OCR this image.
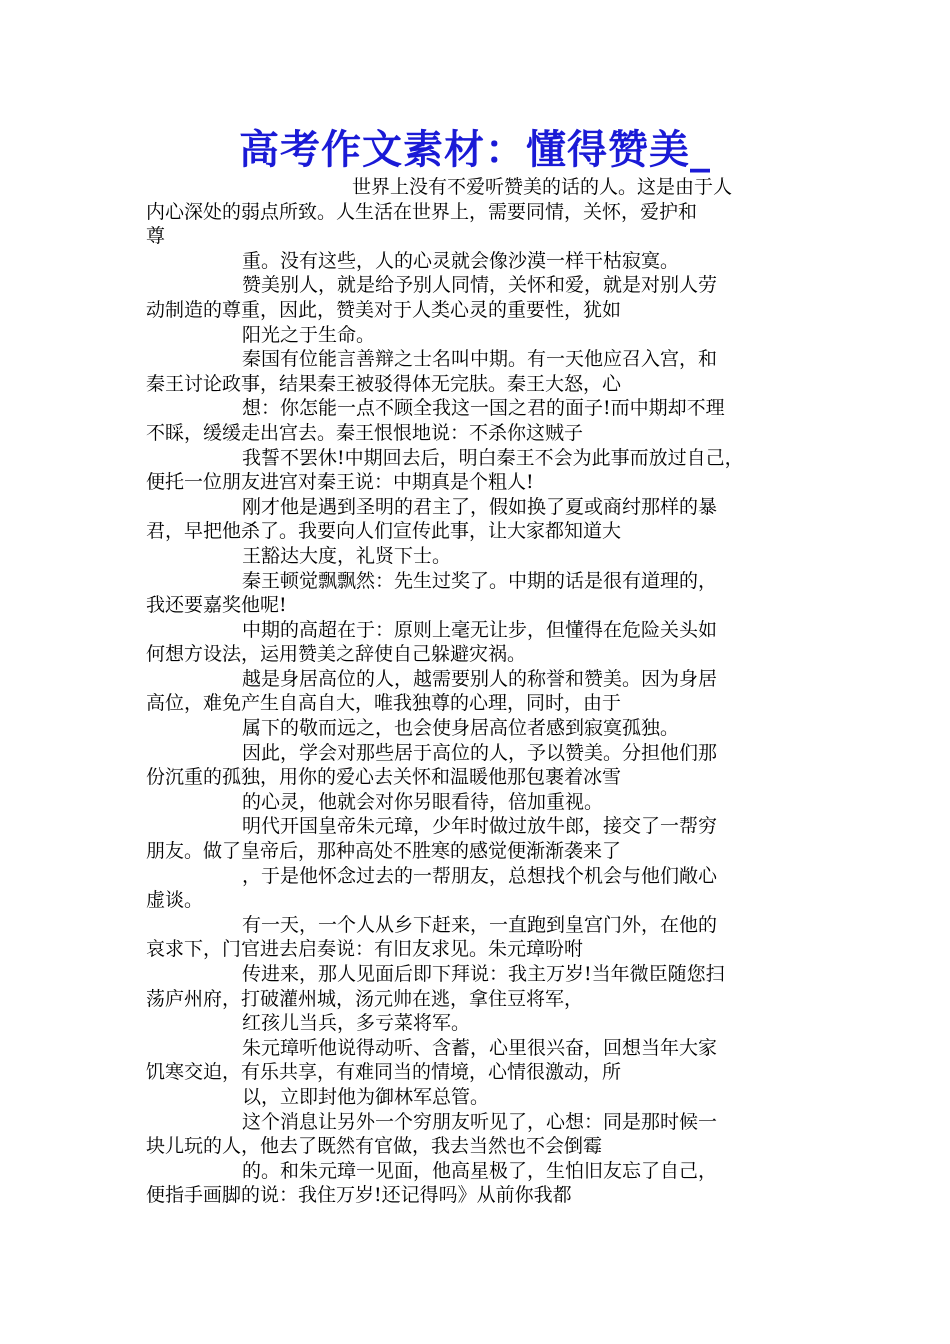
高考作文素材：懂得赞美_
世界上没有不爱听赞美的话的人。这是由于人
内心深处的弱点所致。人生活在世界上，需要同情，关怀，爱护和
尊
重。没有这些，人的心灵就会像沙漠一样干枯寂寞。
赞美别人，就是给予别人同情，关怀和爱，就是对别人劳
动制造的尊重，因此，赞美对于人类心灵的重要性，犹如
阳光之于生命。
秦国有位能言善辩之士名叫中期。有一天他应召入宫，和
秦王讨论政事，结果秦王被驳得体无完肤。秦王大怒，心
想：你怎能一点不顾全我这一国之君的面子!而中期却不理
不睬，缓缓走出宫去。秦王恨恨地说：不杀你这贼子
我誓不罢休!中期回去后，明白秦王不会为此事而放过自己，
便托一位朋友进宫对秦王说：中期真是个粗人!
刚才他是遇到圣明的君主了，假如换了夏或商纣那样的暴
君，早把他杀了。我要向人们宣传此事，让大家都知道大
王豁达大度，礼贤下士。
秦王顿觉飘飘然：先生过奖了。中期的话是很有道理的，
我还要嘉奖他呢!
中期的高超在于：原则上毫无让步，但懂得在危险关头如
何想方设法，运用赞美之辞使自己躲避灾祸。
越是身居高位的人，越需要别人的称誉和赞美。因为身居
高位，难免产生自高自大，唯我独尊的心理，同时，由于
属下的敬而远之，也会使身居高位者感到寂寞孤独。
因此，学会对那些居于高位的人，予以赞美。分担他们那
份沉重的孤独，用你的爱心去关怀和温暖他那包裹着冰雪
的心灵，他就会对你另眼看待，倍加重视。
明代开国皇帝朱元璋，少年时做过放牛郎，接交了一帮穷
朋友。做了皇帝后，那种高处不胜寒的感觉便渐渐袭来了
，于是他怀念过去的一帮朋友，总想找个机会与他们敞心
虚谈。
有一天，一个人从乡下赶来，一直跑到皇宫门外，在他的
哀求下，门官进去启奏说：有旧友求见。朱元璋吩咐
传进来，那人见面后即下拜说：我主万岁!当年微臣随您扫
荡庐州府，打破灌州城，汤元帅在逃，拿住豆将军，
红孩儿当兵，多亏菜将军。
朱元璋听他说得动听、含蓄，心里很兴奋，回想当年大家
饥寒交迫，有乐共享，有难同当的情境，心情很激动，所
以，立即封他为御林军总管。
这个消息让另外一个穷朋友听见了，心想：同是那时候一
块儿玩的人，他去了既然有官做，我去当然也不会倒霉
的。和朱元璋一见面，他高星极了，生怕旧友忘了自己，
便指手画脚的说：我住万岁!还记得吗》从前你我都
